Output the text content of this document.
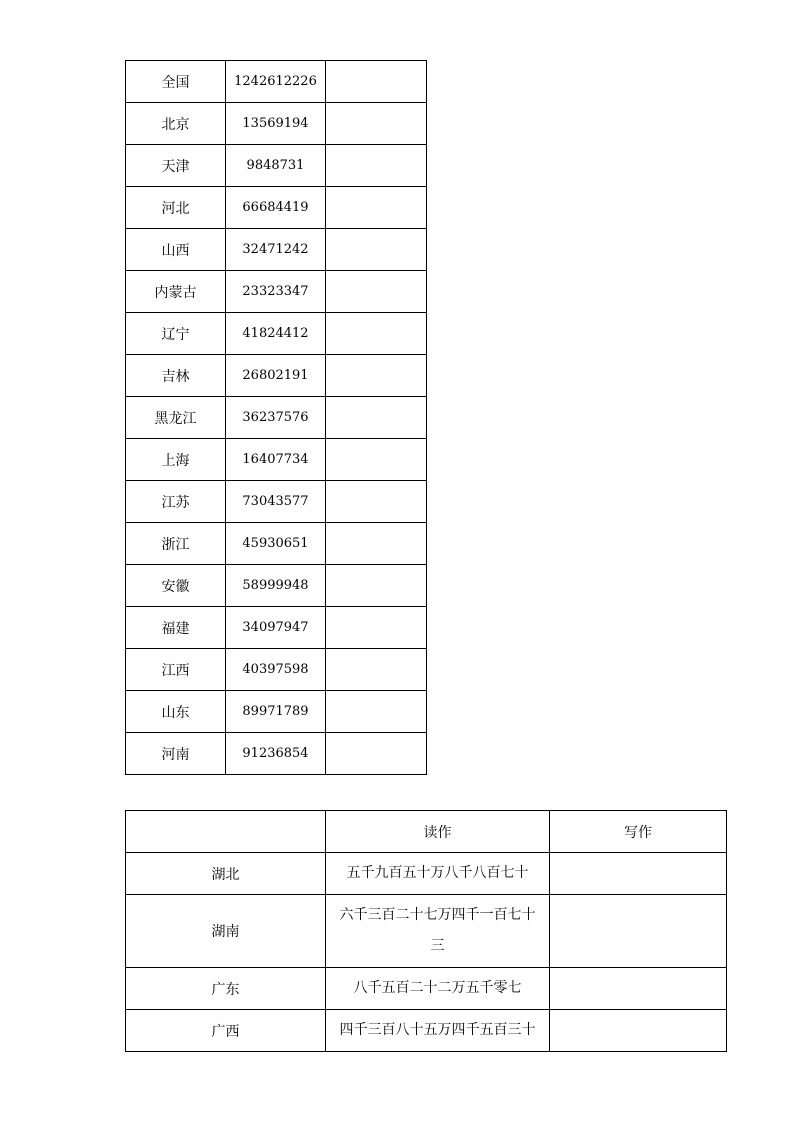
全国	1242612226	
北京	13569194	
天津	9848731	
河北	66684419	
山西	32471242	
内蒙古	23323347	
辽宁	41824412	
吉林	26802191	
黑龙江	36237576	
上海	16407734	
江苏	73043577	
浙江	45930651	
安徽	58999948	
福建	34097947	
江西	40397598	
山东	89971789	
河南	91236854	
	读作	写作
湖北	五千九百五十万八千八百七十	
湖南	六千三百二十七万四千一百七十三	
广东	八千五百二十二万五千零七	
广西	四千三百八十五万四千五百三十	
